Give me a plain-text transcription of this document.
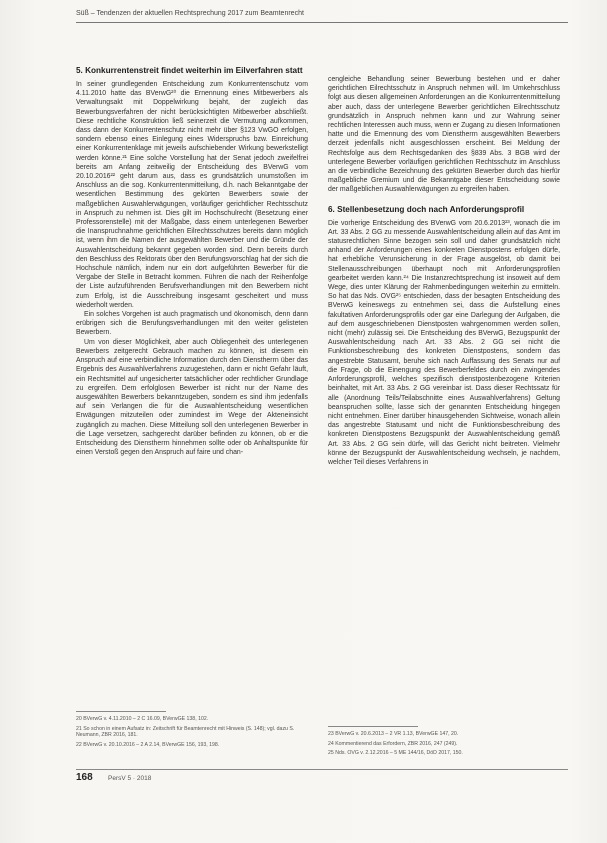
Süß – Tendenzen der aktuellen Rechtsprechung 2017 zum Beamtenrecht
5. Konkurrentenstreit findet weiterhin im Eilverfahren statt

In seiner grundlegenden Entscheidung zum Konkurrentenschutz vom 4.11.2010 hatte das BVerwG²⁰ die Ernennung eines Mitbewerbers als Verwaltungsakt mit Doppelwirkung bejaht, der zugleich das Bewerbungsverfahren der nicht berücksichtigten Mitbewerber abschließt. Diese rechtliche Konstruktion ließ seinerzeit die Vermutung aufkommen, dass dann der Konkurrentenschutz nicht mehr über §123 VwGO erfolgen, sondern ebenso eines Einlegung eines Widerspruchs bzw. Einreichung einer Konkurrentenklage mit jeweils aufschiebender Wirkung bewerkstelligt werden könne.²¹ Eine solche Vorstellung hat der Senat jedoch zweifelfrei bereits am Anfang zeitweilig der Entscheidung des BVerwG vom 20.10.2016²² geht darum aus, dass es grundsätzlich unumstoßen im Anschluss an die sog. Konkurrentenmitteilung, d.h. nach Bekanntgabe der wesentlichen Bestimmung des gekürten Bewerbers sowie der maßgeblichen Auswahlerwägungen, vorläufiger gerichtlicher Rechtsschutz in Anspruch zu nehmen ist. Dies gilt im Hochschulrecht (Besetzung einer Professorenstelle) mit der Maßgabe, dass einem unterlegenen Bewerber die Inanspruchnahme gerichtlichen Eilrechtsschutzes bereits dann möglich ist, wenn ihm die Namen der ausgewählten Bewerber und die Gründe der Auswahlentscheidung bekannt gegeben worden sind. Denn bereits durch den Beschluss des Rektorats über den Berufungsvorschlag hat der sich die Hochschule nämlich, indem nur ein dort aufgeführten Bewerber für die Vergabe der Stelle in Betracht kommen. Führen die nach der Reihenfolge der Liste aufzuführenden Berufsverhandlungen mit den Bewerbern nicht zum Erfolg, ist die Ausschreibung insgesamt gescheitert und muss wiederholt werden.

Ein solches Vorgehen ist auch pragmatisch und ökonomisch, denn dann erübrigen sich die Berufungsverhandlungen mit den weiter gelisteten Bewerbern.

Um von dieser Möglichkeit, aber auch Obliegenheit des unterlegenen Bewerbers zeitgerecht Gebrauch machen zu können, ist diesem ein Anspruch auf eine verbindliche Information durch den Dienstherrn über das Ergebnis des Auswahlverfahrens zuzugestehen, dann er nicht Gefahr läuft, ein Rechtsmittel auf ungesicherter tatsächlicher oder rechtlicher Grundlage zu ergreifen. Dem erfolglosen Bewerber ist nicht nur der Name des ausgewählten Bewerbers bekanntzugeben, sondern es sind ihm jedenfalls auf sein Verlangen die für die Auswahlentscheidung wesentlichen Erwägungen mitzuteilen oder zumindest im Wege der Akteneinsicht zugänglich zu machen. Diese Mitteilung soll den unterlegenen Bewerber in die Lage versetzen, sachgerecht darüber befinden zu können, ob er die Entscheidung des Dienstherrn hinnehmen sollte oder ob Anhaltspunkte für einen Verstoß gegen den Anspruch auf faire und chan-

cengleiche Behandlung seiner Bewerbung bestehen und er daher gerichtlichen Eilrechtsschutz in Anspruch nehmen will. Im Umkehrschluss folgt aus diesen allgemeinen Anforderungen an die Konkurrentenmitteilung aber auch, dass der unterlegene Bewerber gerichtlichen Eilrechtsschutz grundsätzlich in Anspruch nehmen kann und zur Wahrung seiner rechtlichen Interessen auch muss, wenn er Zugang zu diesen Informationen hatte und die Ernennung des vom Dienstherrn ausgewählten Bewerbers derzeit jedenfalls nicht ausgeschlossen erscheint. Bei Meldung der Rechtsfolge aus dem Rechtsgedanken des §839 Abs. 3 BGB wird der unterlegene Bewerber vorläufigen gerichtlichen Rechtsschutz im Anschluss an die verbindliche Bezeichnung des gekürten Bewerber durch das hierfür maßgebliche Gremium und die Bekanntgabe dieser Entscheidung sowie der maßgeblichen Auswahlerwägungen zu ergreifen haben.

6. Stellenbesetzung doch nach Anforderungsprofil

Die vorherige Entscheidung des BVerwG vom 20.6.2013²³, wonach die im Art. 33 Abs. 2 GG zu messende Auswahlentscheidung allein auf das Amt im statusrechtlichen Sinne bezogen sein soll und daher grundsätzlich nicht anhand der Anforderungen eines konkreten Dienstpostens erfolgen dürfe, hat erhebliche Verunsicherung in der Frage ausgelöst, ob damit bei Stellenausschreibungen überhaupt noch mit Anforderungsprofilen gearbeitet werden kann.²⁴ Die Instanzrechtsprechung ist insoweit auf dem Wege, dies unter Klärung der Rahmenbedingungen weiterhin zu ermitteln. So hat das Nds. OVG²⁵ entschieden, dass der besagten Entscheidung des BVerwG keineswegs zu entnehmen sei, dass die Aufstellung eines fakultativen Anforderungsprofils oder gar eine Darlegung der Aufgaben, die auf dem ausgeschriebenen Dienstposten wahrgenommen werden sollen, nicht (mehr) zulässig sei. Die Entscheidung des BVerwG, Bezugspunkt der Auswahlentscheidung nach Art. 33 Abs. 2 GG sei nicht die Funktionsbeschreibung des konkreten Dienstpostens, sondern das angestrebte Statusamt, beruhe sich nach Auffassung des Senats nur auf die Frage, ob die Einengung des Bewerberfeldes durch ein zwingendes Anforderungsprofil, welches spezifisch dienstpostenbezogene Kriterien beinhaltet, mit Art. 33 Abs. 2 GG vereinbar ist. Dass dieser Rechtssatz für alle (Anordnung Teils/Teilabschnitte eines Auswahlverfahrens) Geltung beanspruchen sollte, lasse sich der genannten Entscheidung hingegen nicht entnehmen. Einer darüber hinausgehenden Sichtweise, wonach allein das angestrebte Statusamt und nicht die Funktionsbeschreibung des konkreten Dienstpostens Bezugspunkt der Auswahlentscheidung gemäß Art. 33 Abs. 2 GG sein dürfe, will das Gericht nicht beitreten. Vielmehr könne der Bezugspunkt der Auswahlentscheidung wechseln, je nachdem, welcher Teil dieses Verfahrens in

20 BVerwG v. 4.11.2010 – 2 C 16.09, BVerwGE 138, 102.
21 So schon in einem Aufsatz in: Zeitschrift für Beamtenrecht mit Hinweis (S. 148); vgl. dazu S. Neumann, ZBR 2016, 181.
22 BVerwG v. 20.10.2016 – 2 A 2.14, BVerwGE 156, 193, 198.
23 BVerwG v. 20.6.2013 – 2 VR 1.13, BVerwGE 147, 20.
24 Kommentierend das Erfordern, ZBR 2016, 247 (249).
25 Nds. OVG v. 2.12.2016 – 5 ME 144/16, DöD 2017, 150.
168 PersV 5 · 2018
